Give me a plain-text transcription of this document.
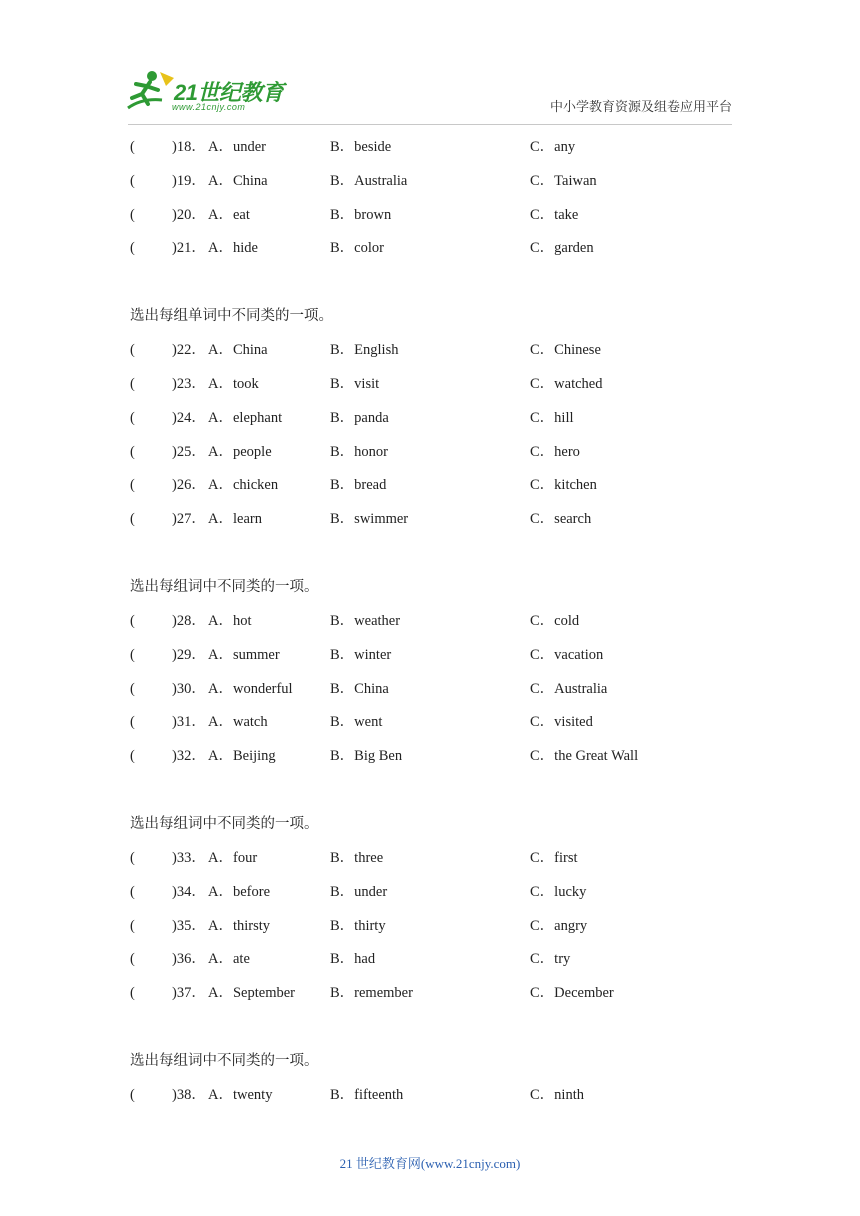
21世纪教育
www.21cnjy.com	中小学教育资源及组卷应用平台
(	)18． A．under	B．beside	C．any
(	)19． A．China	B．Australia	C．Taiwan
(	)20． A．eat	B．brown	C．take
(	)21． A．hide	B．color	C．garden
选出每组单词中不同类的一项。
(	)22． A．China	B．English	C．Chinese
(	)23． A．took	B．visit	C．watched
(	)24． A．elephant	B．panda	C．hill
(	)25． A．people	B．honor	C．hero
(	)26． A．chicken	B．bread	C．kitchen
(	)27． A．learn	B．swimmer	C．search
选出每组词中不同类的一项。
(	)28． A．hot	B．weather	C．cold
(	)29． A．summer	B．winter	C．vacation
(	)30． A．wonderful	B．China	C．Australia
(	)31． A．watch	B．went	C．visited
(	)32． A．Beijing	B．Big Ben	C．the Great Wall
选出每组词中不同类的一项。
(	)33． A．four	B．three	C．first
(	)34． A．before	B．under	C．lucky
(	)35． A．thirsty	B．thirty	C．angry
(	)36． A．ate	B．had	C．try
(	)37． A．September B．remember	C．December
选出每组词中不同类的一项。
(	)38． A．twenty	B．fifteenth	C．ninth
21 世纪教育网(www.21cnjy.com)
